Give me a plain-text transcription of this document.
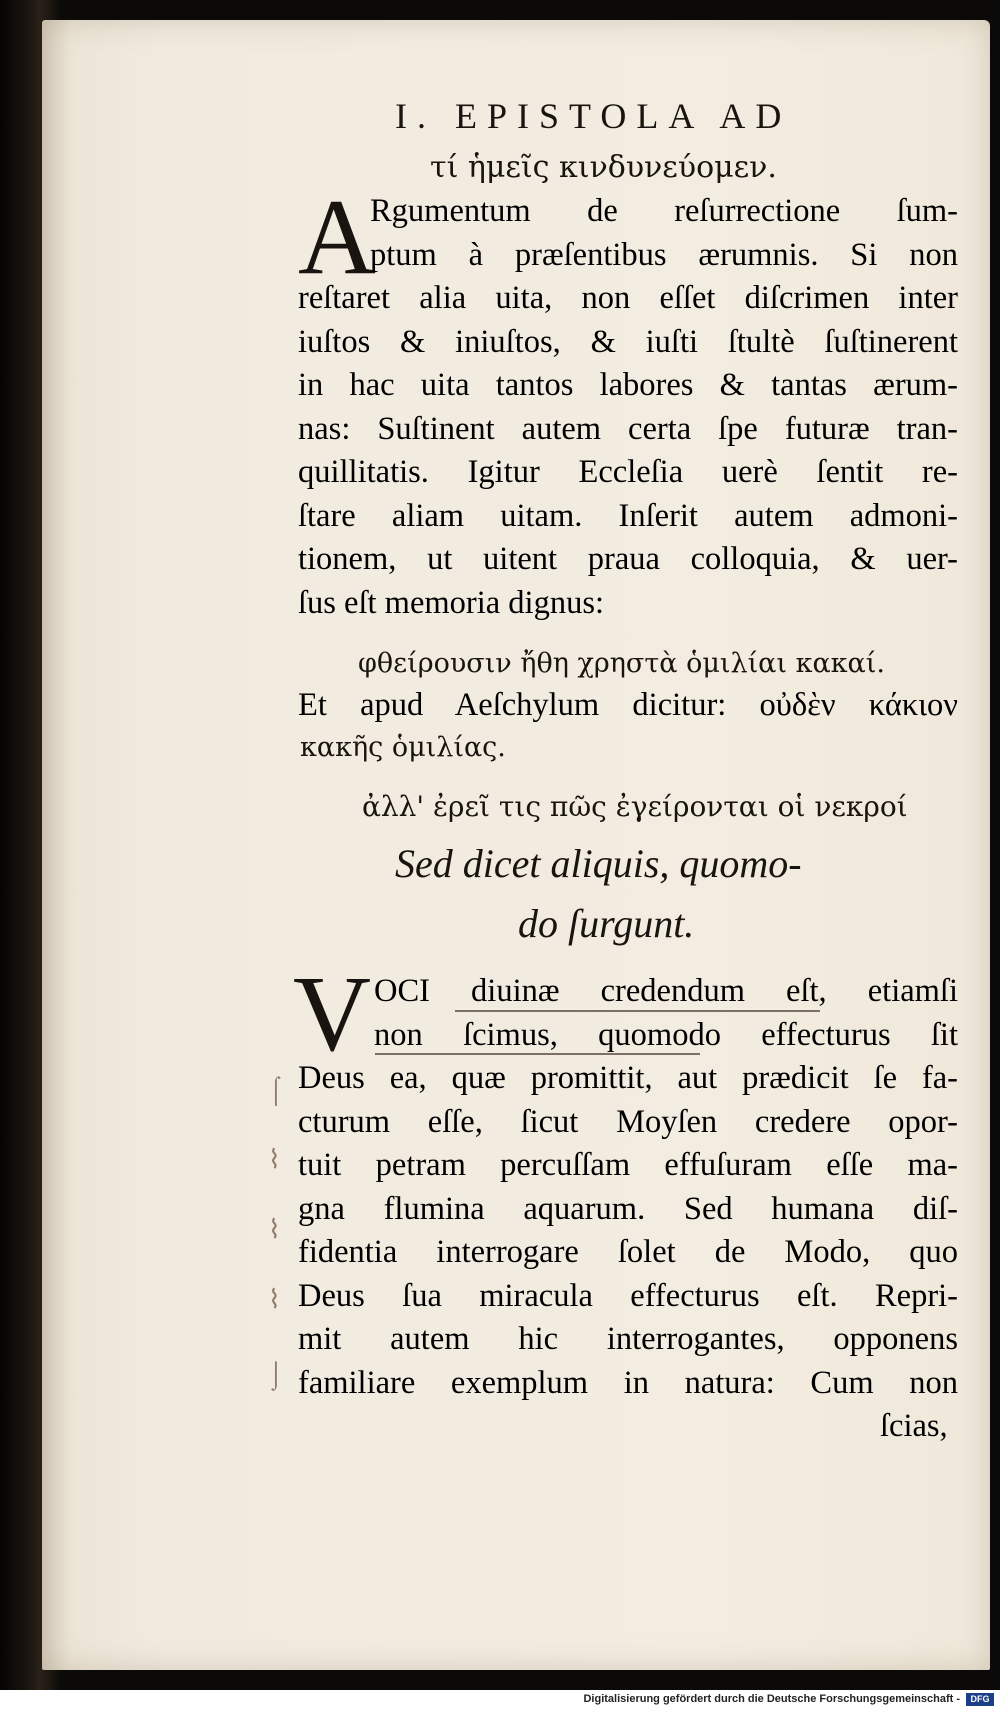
I. EPISTOLA AD
τί ἡμεῖς κινδυνεύομεν.
A
Rgumentum de reſurrectione ſum-
ptum à præſentibus ærumnis. Si non
reſtaret alia uita, non eſſet diſcrimen inter
iuſtos & iniuſtos, & iuſti ſtultè ſuſtinerent
in hac uita tantos labores & tantas ærum-
nas: Suſtinent autem certa ſpe futuræ tran-
quillitatis. Igitur Eccleſia uerè ſentit re-
ſtare aliam uitam. Inſerit autem admoni-
tionem, ut uitent praua colloquia, & uer-
ſus eſt memoria dignus:
φθείρουσιν ἤθη χρηστὰ ὁμιλίαι κακαί.
Et apud Aeſchylum dicitur: οὐδὲν κάκιον
κακῆς ὁμιλίας.
ἀλλ' ἐρεῖ τις πῶς ἐγείρονται οἱ νεκροί
Sed dicet aliquis, quomo-
do ſurgunt.
V OCI diuinæ credendum eſt, etiamſi
non ſcimus, quomodo effecturus ſit
Deus ea, quæ promittit, aut prædicit ſe fa-
cturum eſſe, ſicut Moyſen credere opor-
tuit petram percuſſam effuſuram eſſe ma-
gna flumina aquarum. Sed humana diſ-
fidentia interrogare ſolet de Modo, quo
Deus ſua miracula effecturus eſt. Repri-
mit autem hic interrogantes, opponens
familiare exemplum in natura: Cum non
ſcias,
⌠
⌇
⌇
⌇
⌡
Digitalisierung gefördert durch die Deutsche Forschungsgemeinschaft -	DFG
